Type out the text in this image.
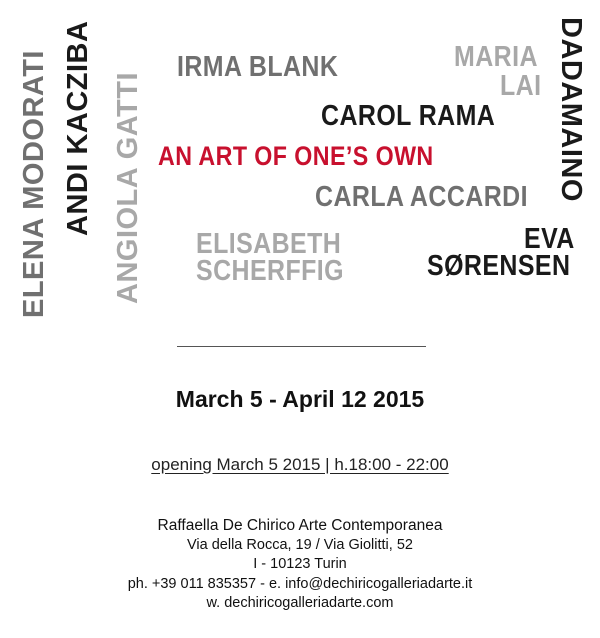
IRMA BLANK	MARIA
LAI
CAROL RAMA
AN ART OF ONE’S OWN
CARLA ACCARDI
EVA
SØRENSEN
ELISABETH
SCHERFFIG
ELENA MODORATI ANDI KACZIBA ANGIOLA GATTI	DADAMAINO
March 5 - April 12 2015
opening March 5 2015 | h.18:00 - 22:00
Raffaella De Chirico Arte Contemporanea
Via della Rocca, 19 / Via Giolitti, 52
I - 10123 Turin
ph. +39 011 835357 - e. info@dechiricogalleriadarte.it
w. dechiricogalleriadarte.com
